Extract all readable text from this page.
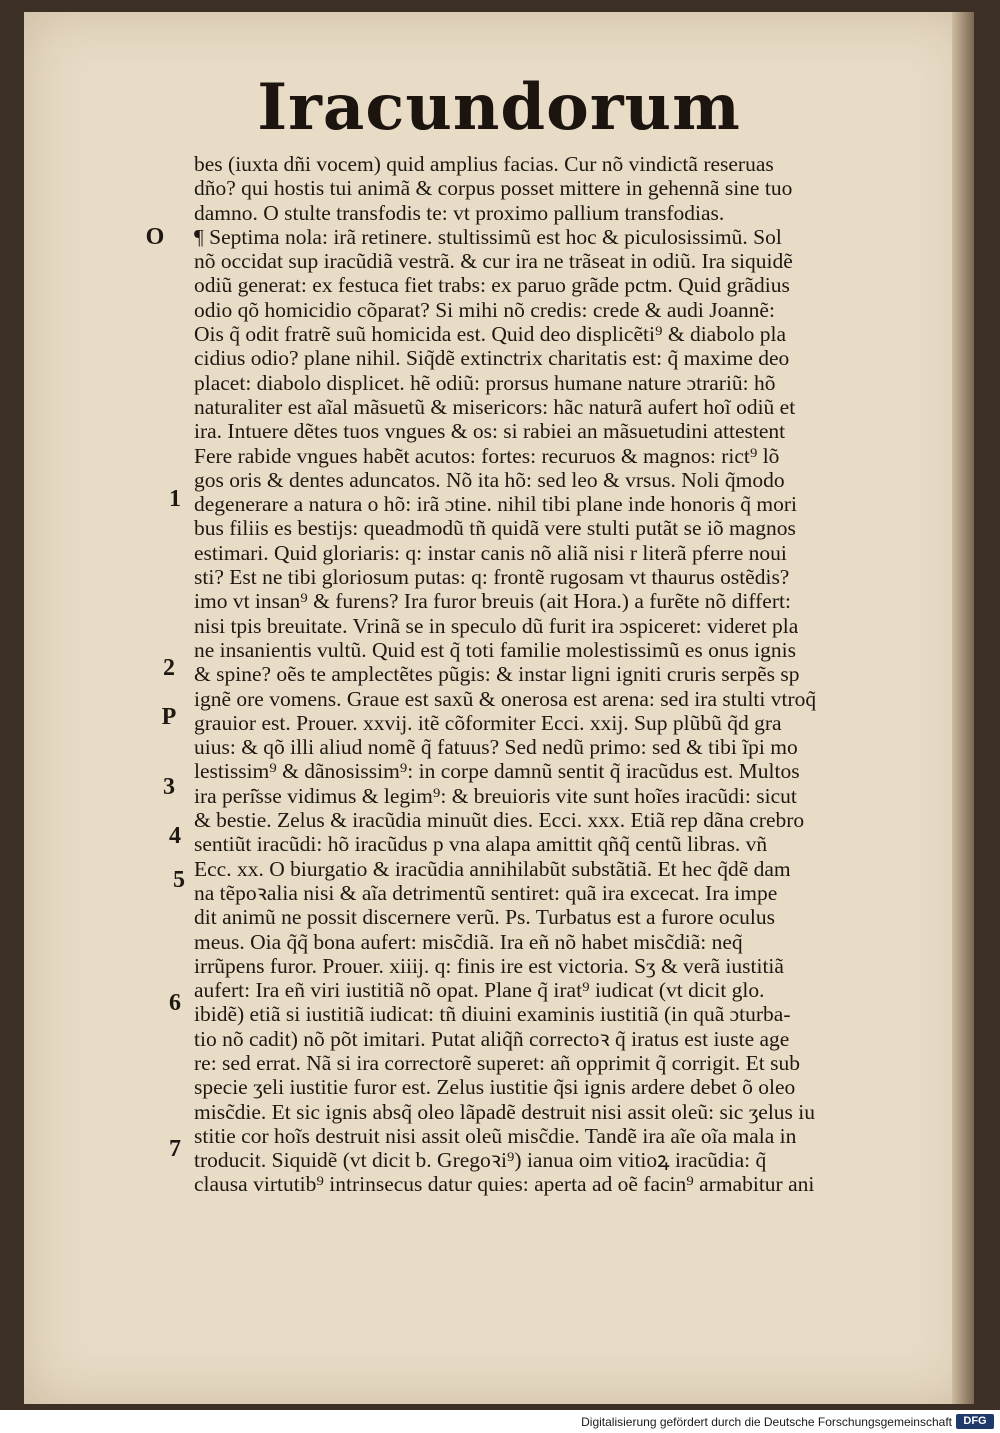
Iracundorum
bes (iuxta dñi vocem) quid amplius facias. Cur nõ vindictã reseruas
dño? qui hostis tui animã & corpus posset mittere in gehennã sine tuo
damno. O stulte transfodis te: vt proximo pallium transfodias.
¶ Septima nola: irã retinere. stultissimũ est hoc & piculosissimũ. Sol
nõ occidat sup iracũdiã vestrã. & cur ira ne trãseat in odiũ. Ira siquidẽ
odiũ generat: ex festuca fiet trabs: ex paruo grãde pctm. Quid grãdius
odio qõ homicidio cõparat? Si mihi nõ credis: crede & audi Joannẽ:
Ois q̃ odit fratrẽ suũ homicida est. Quid deo displicẽti⁹ & diabolo pla
cidius odio? plane nihil. Siq̃dẽ extinctrix charitatis est: q̃ maxime deo
placet: diabolo displicet. hẽ odiũ: prorsus humane nature ɔtrariũ: hõ
naturaliter est aĩal mãsuetũ & misericors: hãc naturã aufert hoĩ odiũ et
ira. Intuere dẽtes tuos vngues & os: si rabiei an mãsuetudini attestent
Fere rabide vngues habẽt acutos: fortes: recuruos & magnos: rict⁹ lõ
gos oris & dentes aduncatos. Nõ ita hõ: sed leo & vrsus. Noli q̃modo
degenerare a natura o hõ: irã ɔtine. nihil tibi plane inde honoris q̃ mori
bus filiis es bestijs: queadmodũ tñ quidã vere stulti putãt se iõ magnos
estimari. Quid gloriaris: q: instar canis nõ aliã nisi r literã pferre noui
sti? Est ne tibi gloriosum putas: q: frontẽ rugosam vt thaurus ostẽdis?
imo vt insan⁹ & furens? Ira furor breuis (ait Hora.) a furẽte nõ differt:
nisi tpis breuitate. Vrinã se in speculo dũ furit ira ɔspiceret: videret pla
ne insanientis vultũ. Quid est q̃ toti familie molestissimũ es onus ignis
& spine? oẽs te amplectẽtes pũgis: & instar ligni igniti cruris serpẽs sp
ignẽ ore vomens. Graue est saxũ & onerosa est arena: sed ira stulti vtroq̃
grauior est. Prouer. xxvij. itẽ cõformiter Ecci. xxij. Sup plũbũ q̃d gra
uius: & qõ illi aliud nomẽ q̃ fatuus? Sed nedũ primo: sed & tibi ĩpi mo
lestissim⁹ & dãnosissim⁹: in corpe damnũ sentit q̃ iracũdus est. Multos
ira peri͂sse vidimus & legim⁹: & breuioris vite sunt hoĩes iracũdi: sicut
& bestie. Zelus & iracũdia minuũt dies. Ecci. xxx. Etiã rep dãna crebro
sentiũt iracũdi: hõ iracũdus p vna alapa amittit qñq̃ centũ libras. vñ
Ecc. xx. O biurgatio & iracũdia annihilabũt substãtiã. Et hec q̃dẽ dam
na tẽpoꝛalia nisi & aĩa detrimentũ sentiret: quã ira excecat. Ira impe
dit animũ ne possit discernere verũ. Ps. Turbatus est a furore oculus
meus. Oia q̃q̃ bona aufert: misc̃diã. Ira eñ nõ habet misc̃diã: neq̃
irrũpens furor. Prouer. xiiij. q: finis ire est victoria. Sʒ & verã iustitiã
aufert: Ira eñ viri iustitiã nõ opat. Plane q̃ irat⁹ iudicat (vt dicit glo.
ibidẽ) etiã si iustitiã iudicat: tñ diuini examinis iustitiã (in quã ɔturba-
tio nõ cadit) nõ põt imitari. Putat aliq̃ñ correctoꝛ q̃ iratus est iuste age
re: sed errat. Nã si ira correctorẽ superet: añ opprimit q̃ corrigit. Et sub
specie ʒeli iustitie furor est. Zelus iustitie q̃si ignis ardere debet õ oleo
misc̃die. Et sic ignis absq̃ oleo lãpadẽ destruit nisi assit oleũ: sic ʒelus iu
stitie cor hoĩs destruit nisi assit oleũ misc̃die. Tandẽ ira aĩe oĩa mala in
troducit. Siquidẽ (vt dicit b. Gregoꝛi⁹) ianua oim vitioꝝ iracũdia: q̃
clausa virtutib⁹ intrinsecus datur quies: aperta ad oẽ facin⁹ armabitur ani
O
1
2
P
3
4
5
6
7
Digitalisierung gefördert durch die Deutsche Forschungsgemeinschaft	DFG
